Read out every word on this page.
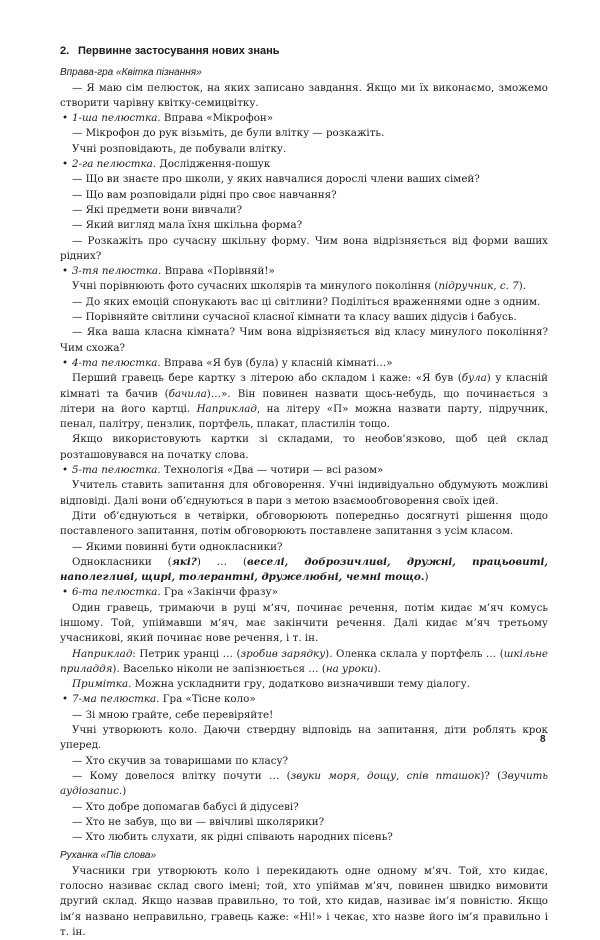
2. Первинне застосування нових знань

Вправа-гра «Квітка пізнання»

— Я маю сім пелюсток, на яких записано завдання. Якщо ми їх виконаємо, зможемо створити чарівну квітку-семицвітку.

• 1-ша пелюстка. Вправа «Мікрофон»

— Мікрофон до рук візьміть, де були влітку — розкажіть.

Учні розповідають, де побували влітку.

• 2-га пелюстка. Дослідження-пошук

— Що ви знаєте про школи, у яких навчалися дорослі члени ваших сімей?

— Що вам розповідали рідні про своє навчання?

— Які предмети вони вивчали?

— Який вигляд мала їхня шкільна форма?

— Розкажіть про сучасну шкільну форму. Чим вона відрізняється від форми ваших рідних?

• 3-тя пелюстка. Вправа «Порівняй!»

Учні порівнюють фото сучасних школярів та минулого покоління (підручник, с. 7).

— До яких емоцій спонукають вас ці світлини? Поділіться враженнями одне з одним.

— Порівняйте світлини сучасної класної кімнати та класу ваших дідусів і бабусь.

— Яка ваша класна кімната? Чим вона відрізняється від класу минулого покоління? Чим схожа?

• 4-та пелюстка. Вправа «Я був (була) у класній кімнаті…»

Перший гравець бере картку з літерою або складом і каже: «Я був (була) у класній кімнаті та бачив (бачила)…». Він повинен назвати щось-небудь, що починається з літери на його картці. Наприклад, на літеру «П» можна назвати парту, підручник, пенал, палітру, пензлик, портфель, плакат, пластилін тощо.

Якщо використовують картки зі складами, то необов’язково, щоб цей склад розташовувався на початку слова.

• 5-та пелюстка. Технологія «Два — чотири — всі разом»

Учитель ставить запитання для обговорення. Учні індивідуально обдумують можливі відповіді. Далі вони об’єднуються в пари з метою взаємообговорення своїх ідей.

Діти об’єднуються в четвірки, обговорюють попередньо досягнуті рішення щодо поставленого запитання, потім обговорюють поставлене запитання з усім класом.

— Якими повинні бути однокласники?

Однокласники (які?) … (веселі, доброзичливі, дружні, працьовиті, наполегливі, щирі, толерантні, дружелюбні, чемні тощо.)

• 6-та пелюстка. Гра «Закінчи фразу»

Один гравець, тримаючи в руці м’яч, починає речення, потім кидає м’яч комусь іншому. Той, упіймавши м’яч, має закінчити речення. Далі кидає м’яч третьому учасникові, який починає нове речення, і т. ін.

Наприклад: Петрик уранці … (зробив зарядку). Оленка склала у портфель … (шкільне приладдя). Васелько ніколи не запізнюється … (на уроки).

Примітка. Можна ускладнити гру, додатково визначивши тему діалогу.

• 7-ма пелюстка. Гра «Тісне коло»

— Зі мною грайте, себе перевіряйте!

Учні утворюють коло. Даючи ствердну відповідь на запитання, діти роблять крок уперед.

— Хто скучив за товаришами по класу?

— Кому довелося влітку почути … (звуки моря, дощу, спів пташок)? (Звучить аудіозапис.)

— Хто добре допомагав бабусі й дідусеві?

— Хто не забув, що ви — ввічливі школярики?

— Хто любить слухати, як рідні співають народних пісень?

Руханка «Пів слова»

Учасники гри утворюють коло і перекидають одне одному м’яч. Той, хто кидає, голосно називає склад свого імені; той, хто упіймав м’яч, повинен швидко вимовити другий склад. Якщо назвав правильно, то той, хто кидав, називає ім’я повністю. Якщо ім’я названо неправильно, гравець каже: «Ні!» і чекає, хто назве його ім’я правильно і т. ін.

8
